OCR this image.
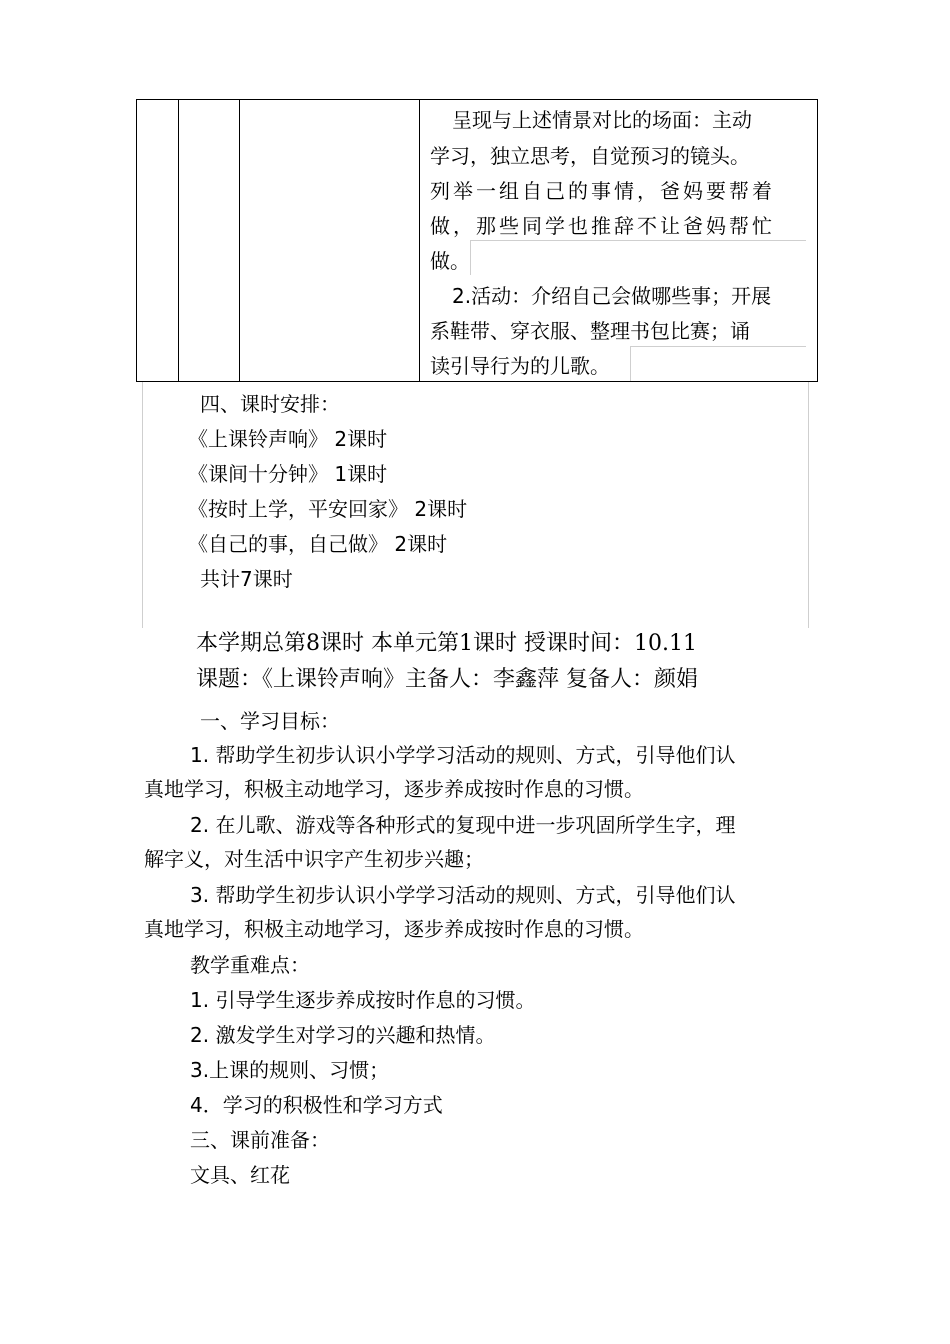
呈现与上述情景对比的场面：主动
学习，独立思考，自觉预习的镜头。
列举一组自己的事情，爸妈要帮着
做，那些同学也推辞不让爸妈帮忙
做。
2.活动：介绍自己会做哪些事；开展
系鞋带、穿衣服、整理书包比赛；诵
读引导行为的儿歌。
四、课时安排：
《上课铃声响》 2课时
《课间十分钟》 1课时
《按时上学，平安回家》 2课时
《自己的事，自己做》 2课时
共计7课时
本学期总第8课时 本单元第1课时 授课时间：10.11
课题：《上课铃声响》主备人：李鑫萍 复备人：颜娟
一、学习目标：
1. 帮助学生初步认识小学学习活动的规则、方式，引导他们认
真地学习，积极主动地学习，逐步养成按时作息的习惯。
2. 在儿歌、游戏等各种形式的复现中进一步巩固所学生字，理
解字义，对生活中识字产生初步兴趣；
3. 帮助学生初步认识小学学习活动的规则、方式，引导他们认
真地学习，积极主动地学习，逐步养成按时作息的习惯。
教学重难点：
1. 引导学生逐步养成按时作息的习惯。
2. 激发学生对学习的兴趣和热情。
3.上课的规则、习惯；
4．学习的积极性和学习方式
三、课前准备：
文具、红花
